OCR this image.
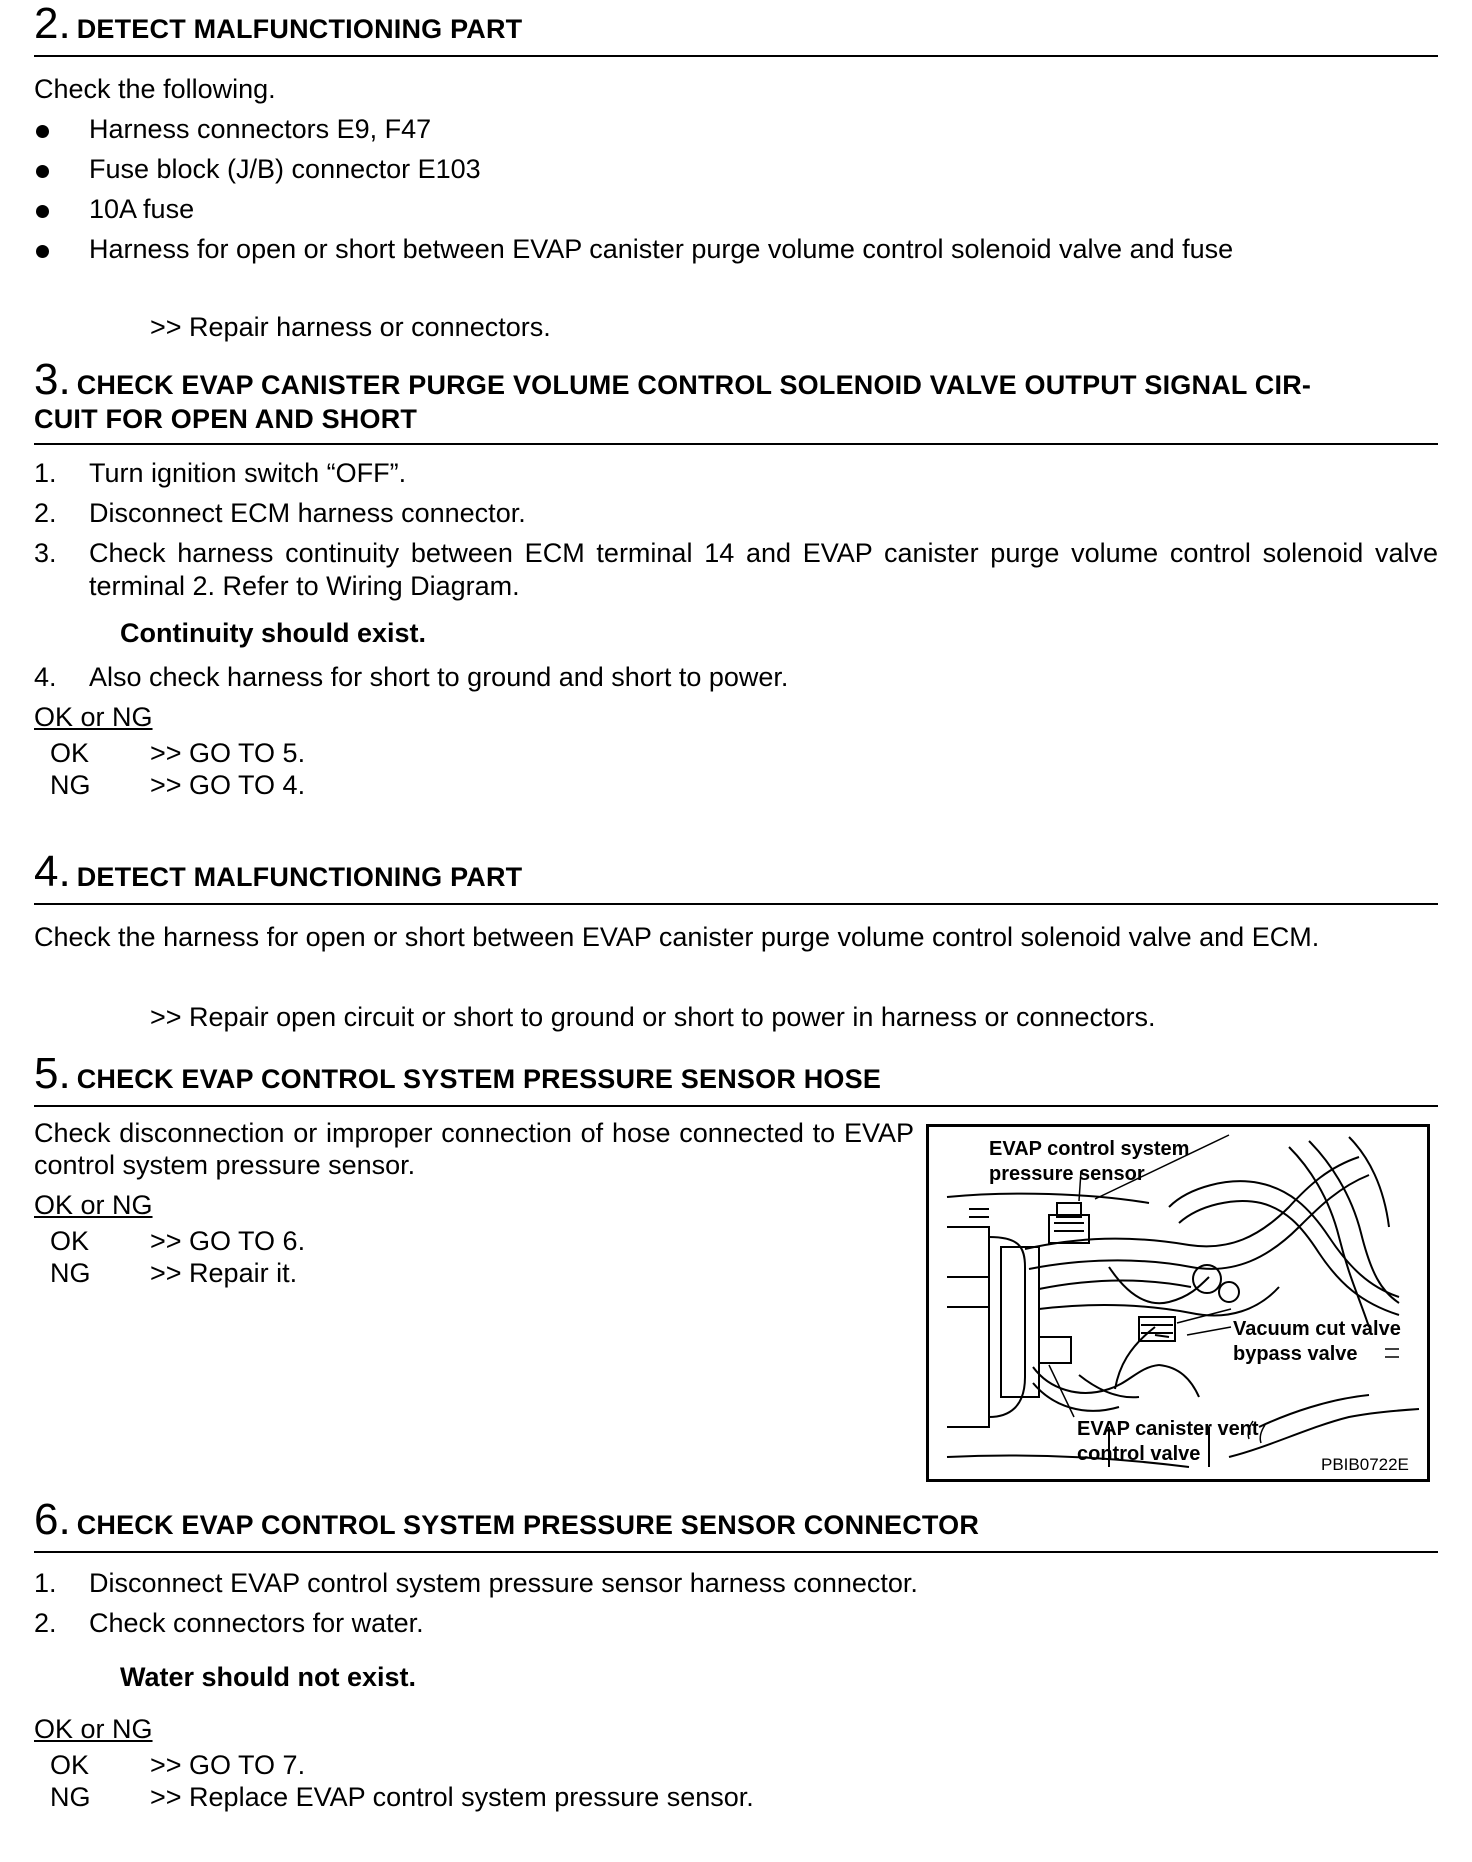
2. DETECT MALFUNCTIONING PART
Check the following.
Harness connectors E9, F47
Fuse block (J/B) connector E103
10A fuse
Harness for open or short between EVAP canister purge volume control solenoid valve and fuse
>> Repair harness or connectors.
3. CHECK EVAP CANISTER PURGE VOLUME CONTROL SOLENOID VALVE OUTPUT SIGNAL CIR-
CUIT FOR OPEN AND SHORT
1.	Turn ignition switch “OFF”.
2.	Disconnect ECM harness connector.
3.	Check harness continuity between ECM terminal 14 and EVAP canister purge volume control solenoid valve terminal 2. Refer to Wiring Diagram.
Continuity should exist.
4.	Also check harness for short to ground and short to power.
OK or NG
OK	>> GO TO 5.
NG	>> GO TO 4.
4. DETECT MALFUNCTIONING PART
Check the harness for open or short between EVAP canister purge volume control solenoid valve and ECM.
>> Repair open circuit or short to ground or short to power in harness or connectors.
5. CHECK EVAP CONTROL SYSTEM PRESSURE SENSOR HOSE
Check disconnection or improper connection of hose connected to EVAP control system pressure sensor.
OK or NG
OK	>> GO TO 6.
NG	>> Repair it.
EVAP control system
pressure sensor
Vacuum cut valve
bypass valve
EVAP canister vent
control valve	PBIB0722E
6. CHECK EVAP CONTROL SYSTEM PRESSURE SENSOR CONNECTOR
1.	Disconnect EVAP control system pressure sensor harness connector.
2.	Check connectors for water.
Water should not exist.
OK or NG
OK	>> GO TO 7.
NG	>> Replace EVAP control system pressure sensor.
